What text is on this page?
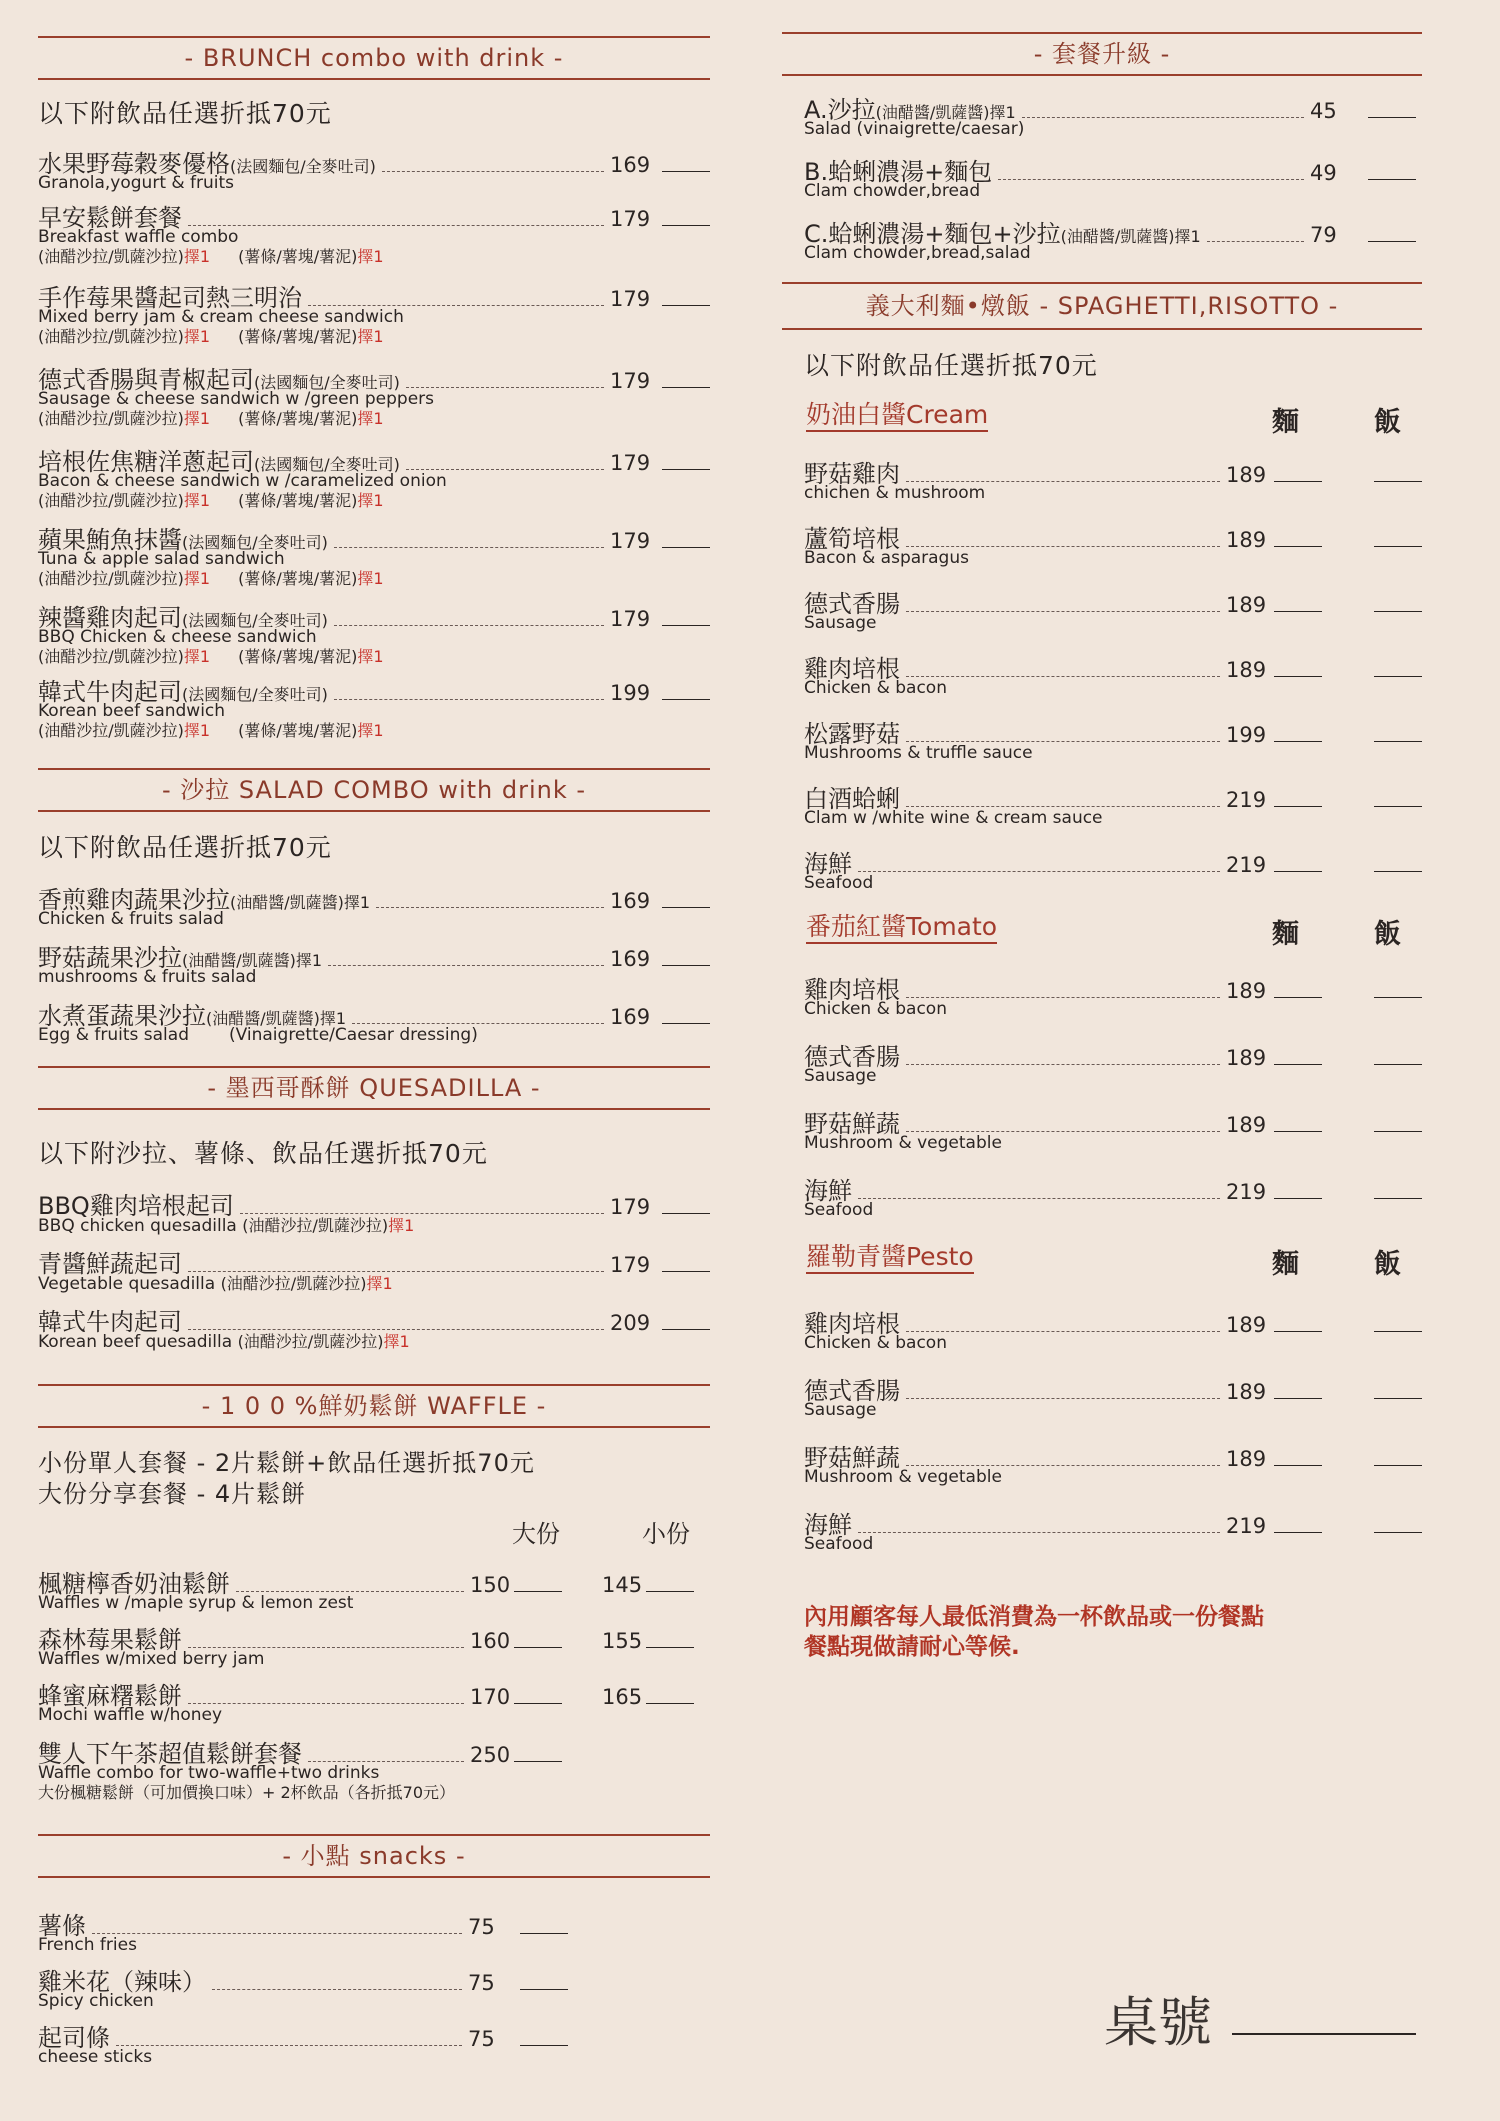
- BRUNCH combo with drink -
以下附飲品任選折抵70元
水果野莓穀麥優格 (法國麵包/全麥吐司)	169
Granola,yogurt & fruits
早安鬆餅套餐	179
Breakfast waffle combo
(油醋沙拉/凱薩沙拉)擇1 (薯條/薯塊/薯泥)擇1
手作莓果醬起司熱三明治	179
Mixed berry jam & cream cheese sandwich
(油醋沙拉/凱薩沙拉)擇1 (薯條/薯塊/薯泥)擇1
德式香腸與青椒起司 (法國麵包/全麥吐司)	179
Sausage & cheese sandwich w /green peppers
(油醋沙拉/凱薩沙拉)擇1 (薯條/薯塊/薯泥)擇1
培根佐焦糖洋蔥起司 (法國麵包/全麥吐司)	179
Bacon & cheese sandwich w /caramelized onion
(油醋沙拉/凱薩沙拉)擇1 (薯條/薯塊/薯泥)擇1
蘋果鮪魚抹醬 (法國麵包/全麥吐司)	179
Tuna & apple salad sandwich
(油醋沙拉/凱薩沙拉)擇1 (薯條/薯塊/薯泥)擇1
辣醬雞肉起司 (法國麵包/全麥吐司)	179
BBQ Chicken & cheese sandwich
(油醋沙拉/凱薩沙拉)擇1 (薯條/薯塊/薯泥)擇1
韓式牛肉起司 (法國麵包/全麥吐司)	199
Korean beef sandwich
(油醋沙拉/凱薩沙拉)擇1 (薯條/薯塊/薯泥)擇1
- 沙拉 SALAD COMBO with drink -
以下附飲品任選折抵70元
香煎雞肉蔬果沙拉 (油醋醬/凱薩醬) 擇1	169
Chicken & fruits salad
野菇蔬果沙拉 (油醋醬/凱薩醬) 擇1	169
mushrooms & fruits salad
水煮蛋蔬果沙拉 (油醋醬/凱薩醬) 擇1	169
Egg & fruits salad (Vinaigrette/Caesar dressing)
- 墨西哥酥餅 QUESADILLA -
以下附沙拉、薯條、飲品任選折抵70元
BBQ雞肉培根起司	179
BBQ chicken quesadilla (油醋沙拉/凱薩沙拉)擇1
青醬鮮蔬起司	179
Vegetable quesadilla (油醋沙拉/凱薩沙拉)擇1
韓式牛肉起司	209
Korean beef quesadilla (油醋沙拉/凱薩沙拉)擇1
- 1 0 0 %鮮奶鬆餅 WAFFLE -
小份單人套餐 - 2片鬆餅+飲品任選折抵70元
大份分享套餐 - 4片鬆餅
大份	小份
楓糖檸香奶油鬆餅	150	145
Waffles w /maple syrup & lemon zest
森林莓果鬆餅	160	155
Waffles w/mixed berry jam
蜂蜜麻糬鬆餅	170	165
Mochi waffle w/honey
雙人下午茶超值鬆餅套餐	250
Waffle combo for two-waffle+two drinks
大份楓糖鬆餅（可加價換口味）+ 2杯飲品（各折抵70元）
- 小點 snacks -
薯條	75
French fries
雞米花（辣味）	75
Spicy chicken
起司條	75
cheese sticks
- 套餐升級 -
A.沙拉 (油醋醬/凱薩醬) 擇1	45
Salad (vinaigrette/caesar)
B.蛤蜊濃湯+麵包	49
Clam chowder,bread
C.蛤蜊濃湯+麵包+沙拉 (油醋醬/凱薩醬) 擇1	79
Clam chowder,bread,salad
義大利麵•燉飯 - SPAGHETTI,RISOTTO -
以下附飲品任選折抵70元
奶油白醬Cream	麵	飯
野菇雞肉	189
chichen & mushroom
蘆筍培根	189
Bacon & asparagus
德式香腸	189
Sausage
雞肉培根	189
Chicken & bacon
松露野菇	199
Mushrooms & truffle sauce
白酒蛤蜊	219
Clam w /white wine & cream sauce
海鮮	219
Seafood
番茄紅醬Tomato	麵	飯
雞肉培根	189
Chicken & bacon
德式香腸	189
Sausage
野菇鮮蔬	189
Mushroom & vegetable
海鮮	219
Seafood
羅勒青醬Pesto	麵	飯
雞肉培根	189
Chicken & bacon
德式香腸	189
Sausage
野菇鮮蔬	189
Mushroom & vegetable
海鮮	219
Seafood
內用顧客每人最低消費為一杯飲品或一份餐點
餐點現做請耐心等候.
桌號
